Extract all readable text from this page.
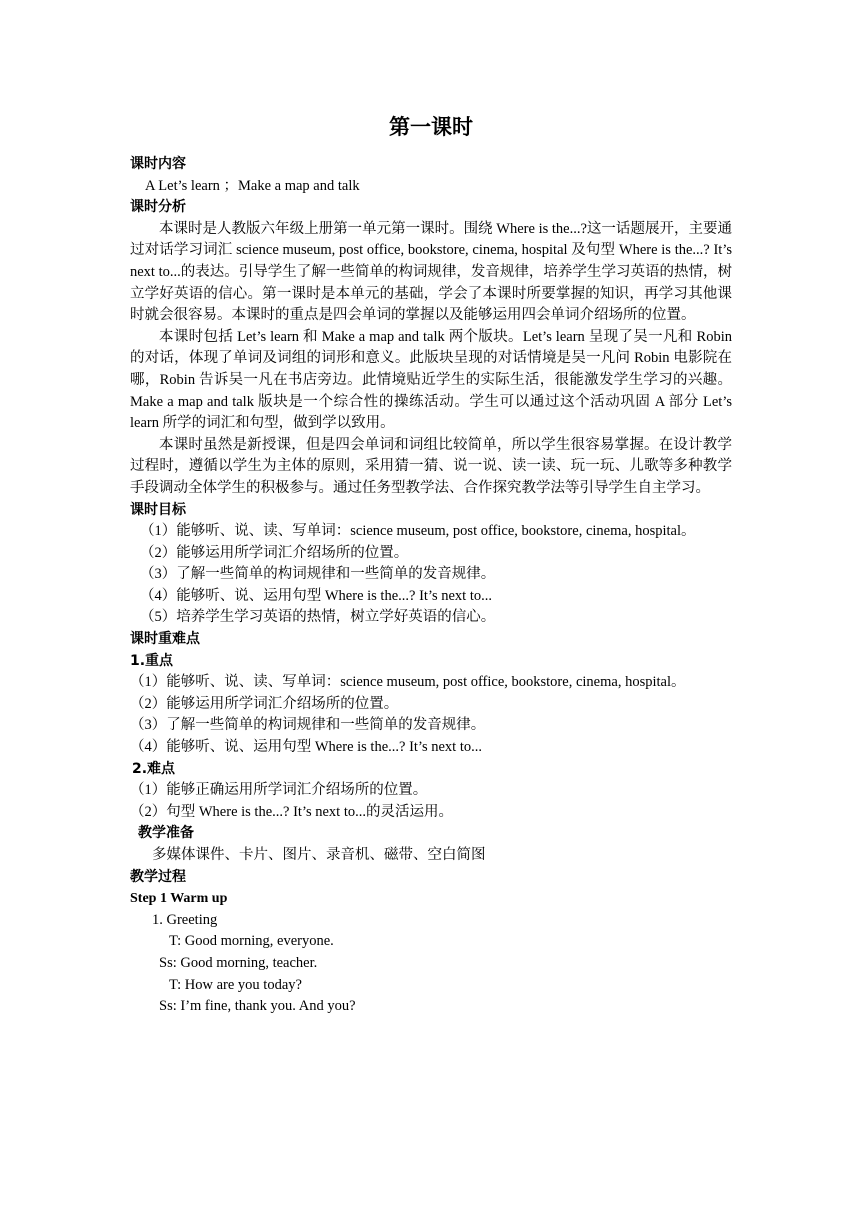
第一课时

课时内容

A Let’s learn ；Make a map and talk

课时分析

本课时是人教版六年级上册第一单元第一课时。围绕 Where is the...?这一话题展开，主要通过对话学习词汇 science museum, post office, bookstore, cinema, hospital 及句型 Where is the...? It’s next to...的表达。引导学生了解一些简单的构词规律，发音规律，培养学生学习英语的热情，树立学好英语的信心。第一课时是本单元的基础，学会了本课时所要掌握的知识，再学习其他课时就会很容易。本课时的重点是四会单词的掌握以及能够运用四会单词介绍场所的位置。

本课时包括 Let’s learn 和 Make a map and talk 两个版块。Let’s learn 呈现了吴一凡和 Robin 的对话，体现了单词及词组的词形和意义。此版块呈现的对话情境是吴一凡问 Robin 电影院在哪，Robin 告诉吴一凡在书店旁边。此情境贴近学生的实际生活，很能激发学生学习的兴趣。Make a map and talk 版块是一个综合性的操练活动。学生可以通过这个活动巩固 A 部分 Let’s learn 所学的词汇和句型，做到学以致用。

本课时虽然是新授课，但是四会单词和词组比较简单，所以学生很容易掌握。在设计教学过程时，遵循以学生为主体的原则，采用猜一猜、说一说、读一读、玩一玩、儿歌等多种教学手段调动全体学生的积极参与。通过任务型教学法、合作探究教学法等引导学生自主学习。

课时目标

（1）能够听、说、读、写单词：science museum, post office, bookstore, cinema, hospital。

（2）能够运用所学词汇介绍场所的位置。

（3）了解一些简单的构词规律和一些简单的发音规律。

（4）能够听、说、运用句型 Where is the...? It’s next to...

（5）培养学生学习英语的热情，树立学好英语的信心。

课时重难点

1.重点

（1）能够听、说、读、写单词：science museum, post office, bookstore, cinema, hospital。

（2）能够运用所学词汇介绍场所的位置。

（3）了解一些简单的构词规律和一些简单的发音规律。

（4）能够听、说、运用句型 Where is the...? It’s next to...

2.难点

（1）能够正确运用所学词汇介绍场所的位置。

（2）句型 Where is the...? It’s next to...的灵活运用。

教学准备

多媒体课件、卡片、图片、录音机、磁带、空白简图

教学过程

Step 1 Warm up

1. Greeting

T: Good morning, everyone.

Ss: Good morning, teacher.

T: How are you today?

Ss: I’m fine, thank you. And you?
